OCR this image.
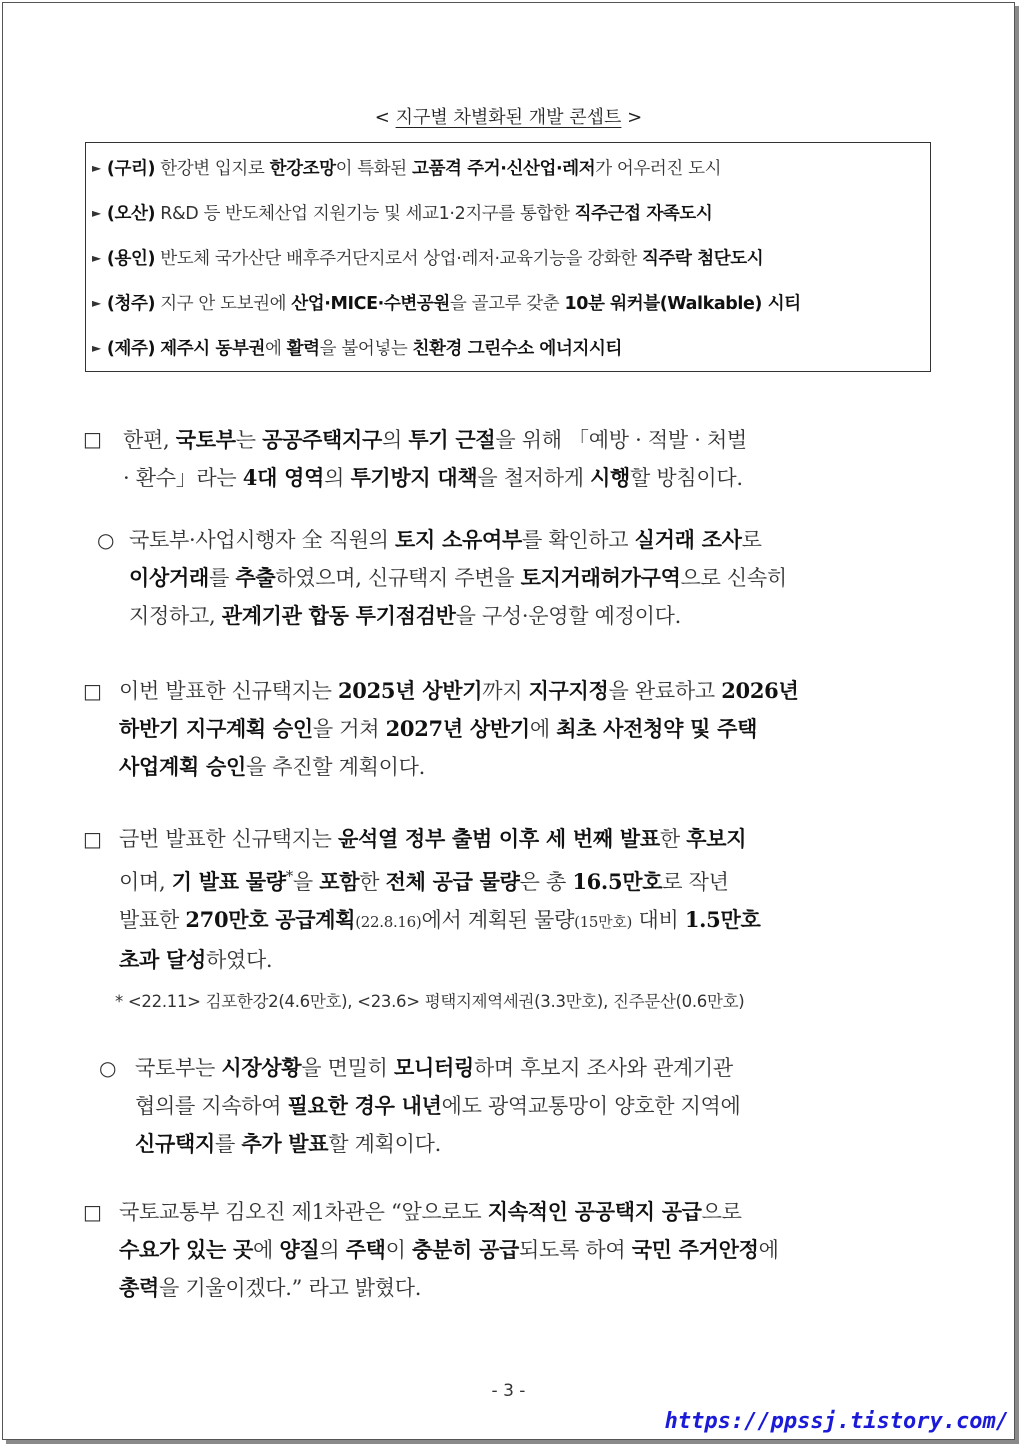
< 지구별 차별화된 개발 콘셉트 >
► (구리) 한강변 입지로 한강조망이 특화된 고품격 주거·신산업·레저가 어우러진 도시
► (오산) R&D 등 반도체산업 지원기능 및 세교1·2지구를 통합한 직주근접 자족도시
► (용인) 반도체 국가산단 배후주거단지로서 상업·레저·교육기능을 강화한 직주락 첨단도시
► (청주) 지구 안 도보권에 산업·MICE·수변공원을 골고루 갖춘 10분 워커블(Walkable) 시티
► (제주) 제주시 동부권에 활력을 불어넣는 친환경 그린수소 에너지시티
□ 한편, 국토부는 공공주택지구의 투기 근절을 위해 「예방 · 적발 · 처벌
· 환수」라는 4대 영역의 투기방지 대책을 철저하게 시행할 방침이다.
○ 국토부·사업시행자 全 직원의 토지 소유여부를 확인하고 실거래 조사로
이상거래를 추출하였으며, 신규택지 주변을 토지거래허가구역으로 신속히
지정하고, 관계기관 합동 투기점검반을 구성·운영할 예정이다.
□ 이번 발표한 신규택지는 2025년 상반기까지 지구지정을 완료하고 2026년
하반기 지구계획 승인을 거쳐 2027년 상반기에 최초 사전청약 및 주택
사업계획 승인을 추진할 계획이다.
□ 금번 발표한 신규택지는 윤석열 정부 출범 이후 세 번째 발표한 후보지
이며, 기 발표 물량*을 포함한 전체 공급 물량은 총 16.5만호로 작년
발표한 270만호 공급계획(22.8.16)에서 계획된 물량(15만호) 대비 1.5만호
초과 달성하였다.
* <22.11> 김포한강2(4.6만호), <23.6> 평택지제역세권(3.3만호), 진주문산(0.6만호)
○ 국토부는 시장상황을 면밀히 모니터링하며 후보지 조사와 관계기관
협의를 지속하여 필요한 경우 내년에도 광역교통망이 양호한 지역에
신규택지를 추가 발표할 계획이다.
□ 국토교통부 김오진 제1차관은 “앞으로도 지속적인 공공택지 공급으로
수요가 있는 곳에 양질의 주택이 충분히 공급되도록 하여 국민 주거안정에
총력을 기울이겠다.” 라고 밝혔다.
- 3 -
https://ppssj.tistory.com/
